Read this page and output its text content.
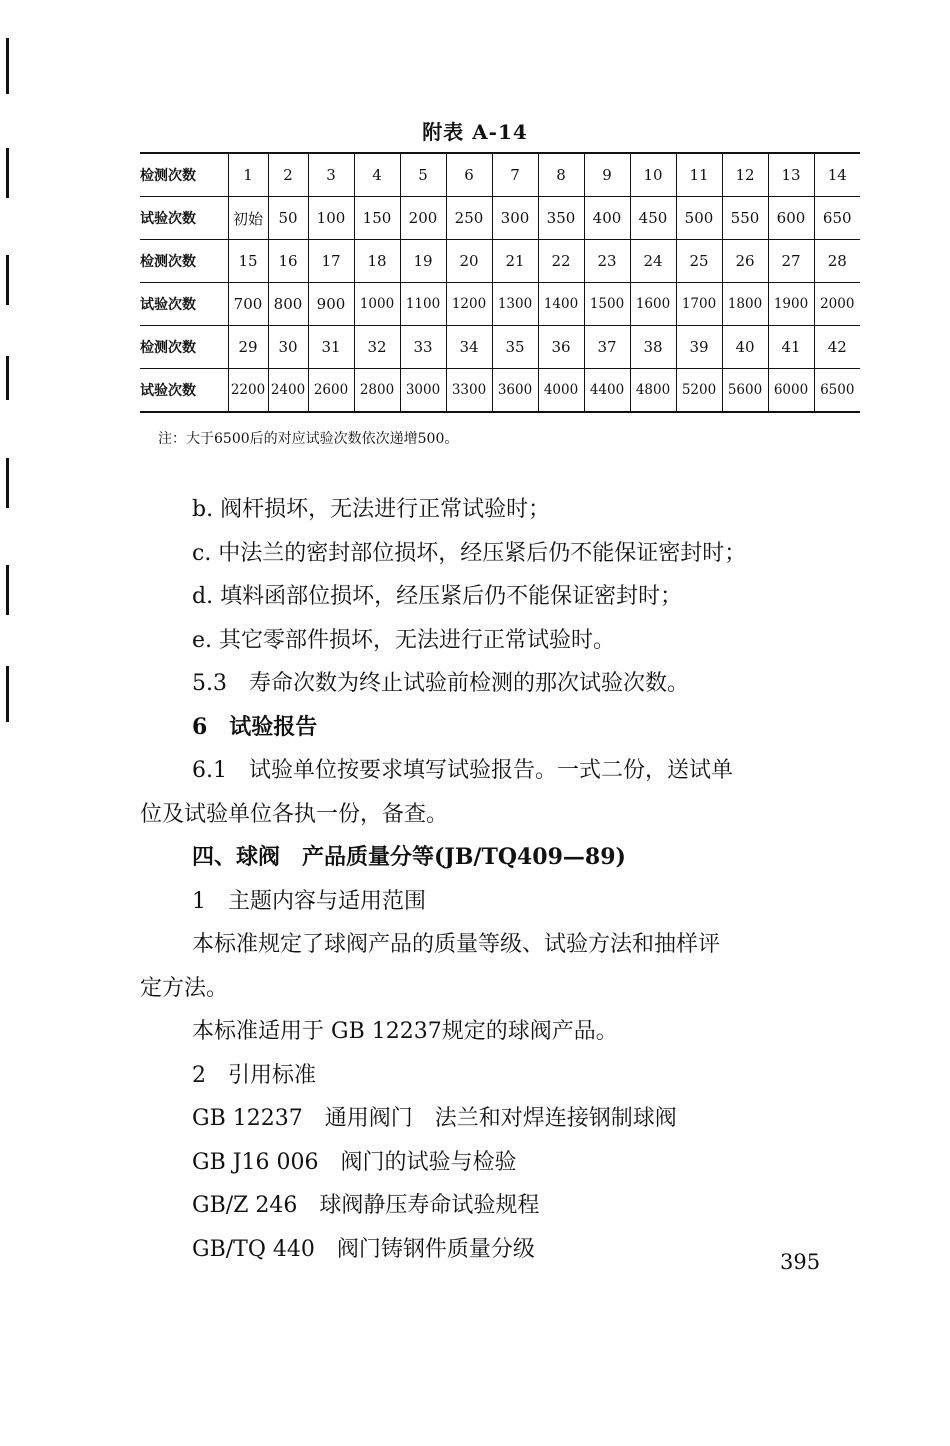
附表 A-14
检测次数	1	2	3	4	5	6	7	8	9	10	11	12	13	14
试验次数	初始	50	100	150	200	250	300	350	400	450	500	550	600	650
检测次数	15	16	17	18	19	20	21	22	23	24	25	26	27	28
试验次数	700	800	900	1000	1100	1200	1300	1400	1500	1600	1700	1800	1900	2000
检测次数	29	30	31	32	33	34	35	36	37	38	39	40	41	42
试验次数	2200	2400	2600	2800	3000	3300	3600	4000	4400	4800	5200	5600	6000	6500
注：大于6500后的对应试验次数依次递增500。

b. 阀杆损坏，无法进行正常试验时；

c. 中法兰的密封部位损坏，经压紧后仍不能保证密封时；

d. 填料函部位损坏，经压紧后仍不能保证密封时；

e. 其它零部件损坏，无法进行正常试验时。

5.3　寿命次数为终止试验前检测的那次试验次数。

6　试验报告

6.1　试验单位按要求填写试验报告。一式二份，送试单

位及试验单位各执一份，备查。

四、球阀　产品质量分等(JB/TQ409—89)

1　主题内容与适用范围

本标准规定了球阀产品的质量等级、试验方法和抽样评

定方法。

本标准适用于 GB 12237规定的球阀产品。

2　引用标准

GB 12237　通用阀门　法兰和对焊连接钢制球阀

GB J16 006　阀门的试验与检验

GB/Z 246　球阀静压寿命试验规程

GB/TQ 440　阀门铸钢件质量分级

395
